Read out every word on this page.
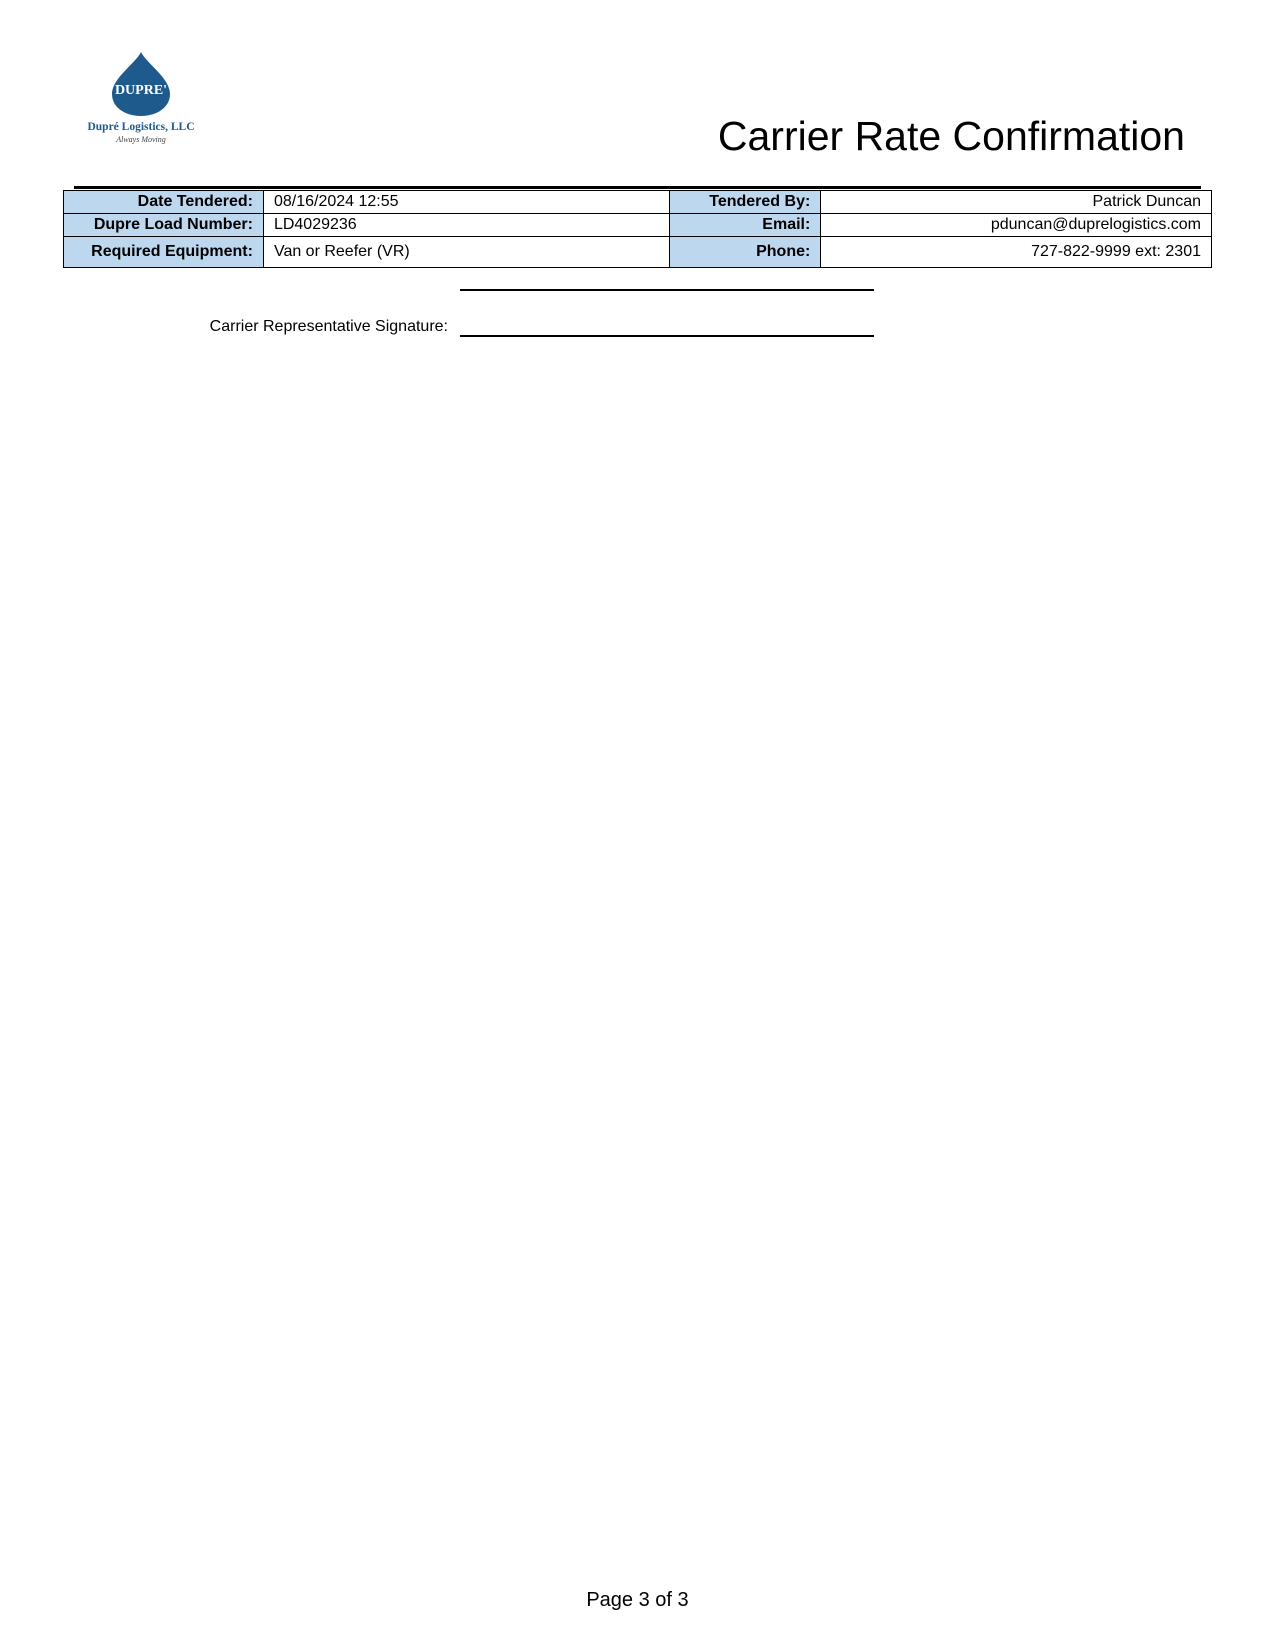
DUPRE'
Dupré Logistics, LLC
Always Moving	Carrier Rate Confirmation
Date Tendered:	08/16/2024 12:55	Tendered By:	Patrick Duncan
Dupre Load Number:	LD4029236	Email:	pduncan@duprelogistics.com
Required Equipment:	Van or Reefer (VR)	Phone:	727-822-9999 ext: 2301
Carrier Representative Signature:
Page 3 of 3
